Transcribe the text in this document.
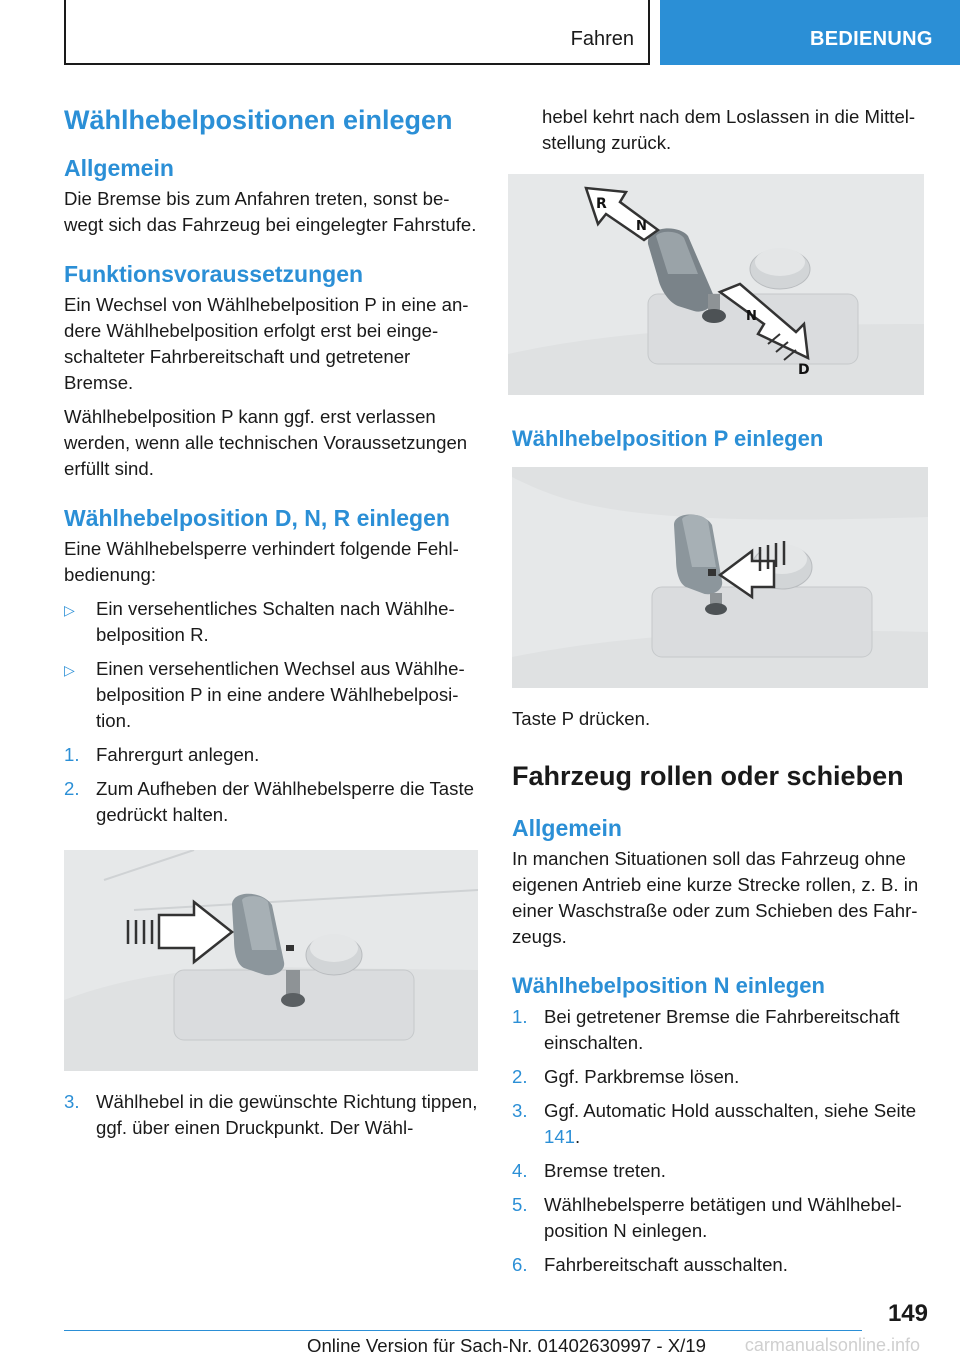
Fahren	BEDIENUNG
Wählhebelpositionen einlegen
Allgemein

Die Bremse bis zum Anfahren treten, sonst bewegt sich das Fahrzeug bei eingelegter Fahrstufe.

Funktionsvoraussetzungen

Ein Wechsel von Wählhebelposition P in eine andere Wählhebelposition erfolgt erst bei eingeschalteter Fahrbereitschaft und getretener Bremse.

Wählhebelposition P kann ggf. erst verlassen werden, wenn alle technischen Voraussetzungen erfüllt sind.

Wählhebelposition D, N, R einlegen

Eine Wählhebelsperre verhindert folgende Fehlbedienung:

▷ Ein versehentliches Schalten nach Wählhebelposition R.
▷ Einen versehentlichen Wechsel aus Wählhebelposition P in eine andere Wählhebelposition.
1. Fahrergurt anlegen.
2. Zum Aufheben der Wählhebelsperre die Taste gedrückt halten.
3. Wählhebel in die gewünschte Richtung tippen, ggf. über einen Druckpunkt. Der Wähl-

hebel kehrt nach dem Loslassen in die Mittelstellung zurück.

R
N
N
D
Wählhebelposition P einlegen

Taste P drücken.

Fahrzeug rollen oder schieben
Allgemein

In manchen Situationen soll das Fahrzeug ohne eigenen Antrieb eine kurze Strecke rollen, z. B. in einer Waschstraße oder zum Schieben des Fahrzeugs.

Wählhebelposition N einlegen
1. Bei getretener Bremse die Fahrbereitschaft einschalten.
2. Ggf. Parkbremse lösen.
3. Ggf. Automatic Hold ausschalten, siehe Seite 141.
4. Bremse treten.
5. Wählhebelsperre betätigen und Wählhebelposition N einlegen.
6. Fahrbereitschaft ausschalten.
149
Online Version für Sach-Nr. 01402630997 - X/19 carmanualsonline.info
